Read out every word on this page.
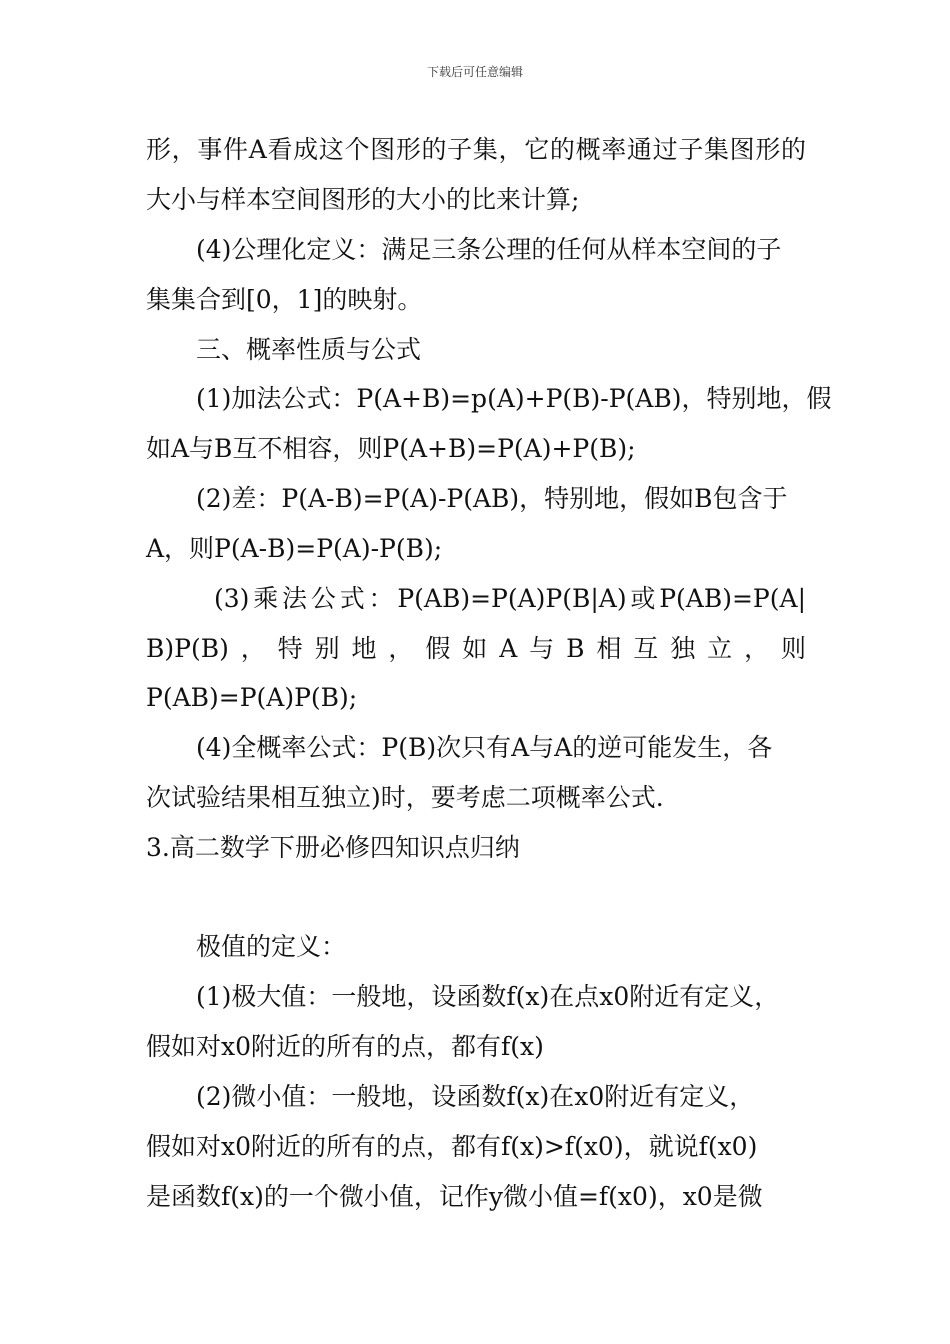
下载后可任意编辑
形，事件A看成这个图形的子集，它的概率通过子集图形的
大小与样本空间图形的大小的比来计算;
(4)公理化定义：满足三条公理的任何从样本空间的子
集集合到[0，1]的映射。
三、概率性质与公式
(1)加法公式：P(A+B)=p(A)+P(B)-P(AB)，特别地，假
如A与B互不相容，则P(A+B)=P(A)+P(B);
(2)差：P(A-B)=P(A)-P(AB)，特别地，假如B包含于
A，则P(A-B)=P(A)-P(B);
(3)乘法公式：P(AB)=P(A)P(B|A)或P(AB)=P(A|
B)P(B)，特别地，假如A与B相互独立，则
P(AB)=P(A)P(B);
(4)全概率公式：P(B)次只有A与A的逆可能发生，各
次试验结果相互独立)时，要考虑二项概率公式.
3.高二数学下册必修四知识点归纳
极值的定义：
(1)极大值：一般地，设函数f(x)在点x0附近有定义，
假如对x0附近的所有的点，都有f(x)
(2)微小值：一般地，设函数f(x)在x0附近有定义，
假如对x0附近的所有的点，都有f(x)>f(x0)，就说f(x0)
是函数f(x)的一个微小值，记作y微小值=f(x0)，x0是微
